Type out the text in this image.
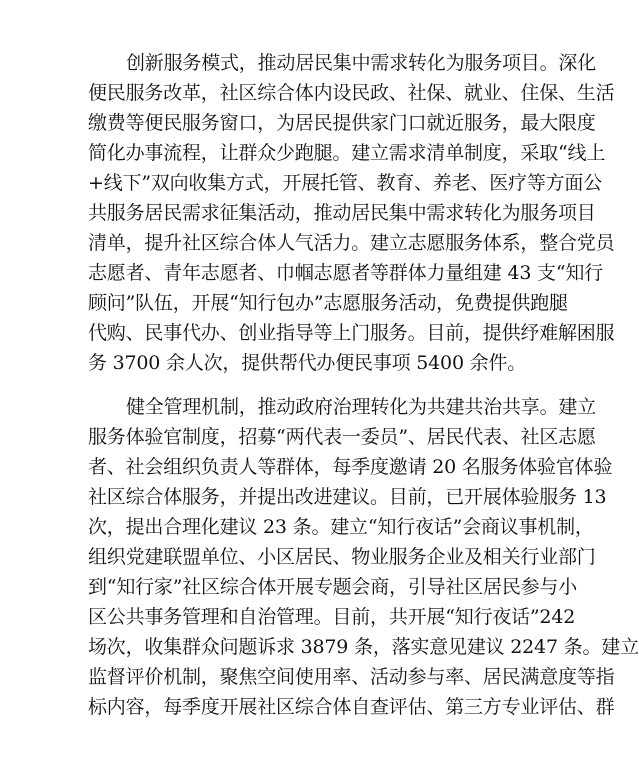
创新服务模式，推动居民集中需求转化为服务项目。深化
便民服务改革，社区综合体内设民政、社保、就业、住保、生活
缴费等便民服务窗口，为居民提供家门口就近服务，最大限度
简化办事流程，让群众少跑腿。建立需求清单制度，采取“线上
+线下”双向收集方式，开展托管、教育、养老、医疗等方面公
共服务居民需求征集活动，推动居民集中需求转化为服务项目
清单，提升社区综合体人气活力。建立志愿服务体系，整合党员
志愿者、青年志愿者、巾帼志愿者等群体力量组建 43 支“知行
顾问”队伍，开展“知行包办”志愿服务活动，免费提供跑腿
代购、民事代办、创业指导等上门服务。目前，提供纾难解困服
务 3700 余人次，提供帮代办便民事项 5400 余件。
健全管理机制，推动政府治理转化为共建共治共享。建立
服务体验官制度，招募“两代表一委员”、居民代表、社区志愿
者、社会组织负责人等群体，每季度邀请 20 名服务体验官体验
社区综合体服务，并提出改进建议。目前，已开展体验服务 13
次，提出合理化建议 23 条。建立“知行夜话”会商议事机制，
组织党建联盟单位、小区居民、物业服务企业及相关行业部门
到“知行家”社区综合体开展专题会商，引导社区居民参与小
区公共事务管理和自治管理。目前，共开展“知行夜话”242
场次，收集群众问题诉求 3879 条，落实意见建议 2247 条。建立
监督评价机制，聚焦空间使用率、活动参与率、居民满意度等指
标内容，每季度开展社区综合体自查评估、第三方专业评估、群
